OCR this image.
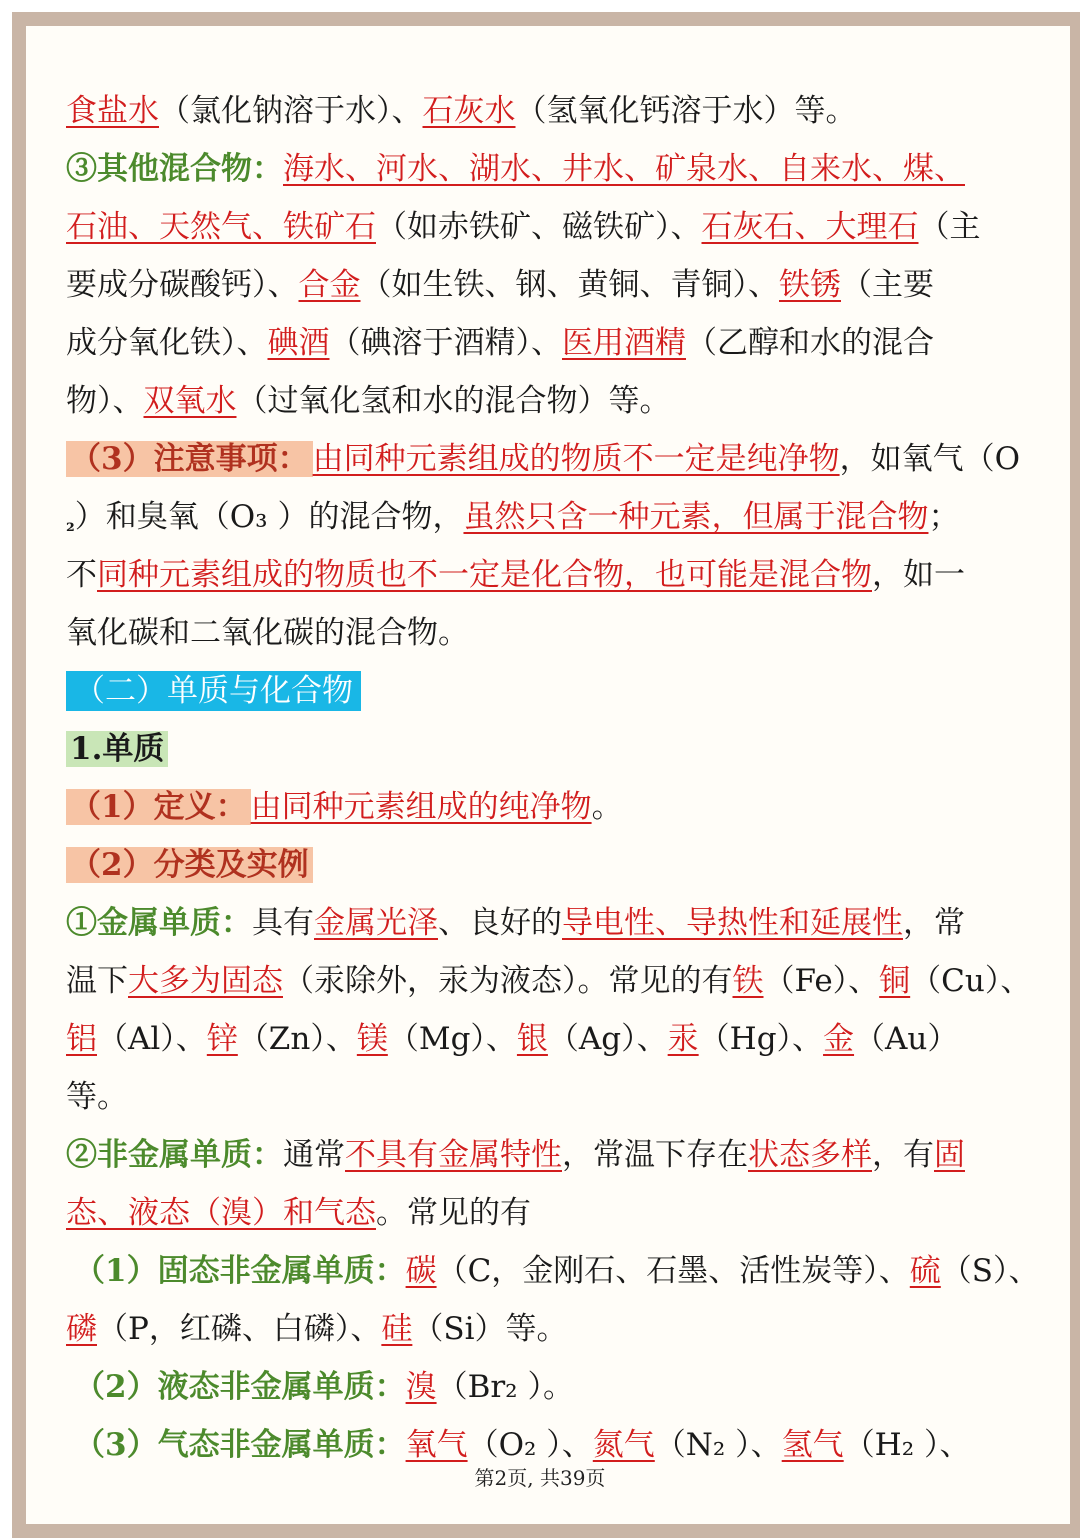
食盐水（氯化钠溶于水）、石灰水（氢氧化钙溶于水）等。
③其他混合物：海水、河水、湖水、井水、矿泉水、自来水、煤、
石油、天然气、铁矿石（如赤铁矿、磁铁矿）、石灰石、大理石（主
要成分碳酸钙）、合金（如生铁、钢、黄铜、青铜）、铁锈（主要
成分氧化铁）、碘酒（碘溶于酒精）、医用酒精（乙醇和水的混合
物）、双氧水（过氧化氢和水的混合物）等。
（3）注意事项： 由同种元素组成的物质不一定是纯净物，如氧气（O
$_{_2}$）和臭氧（O₃ ）的混合物，虽然只含一种元素，但属于混合物；
不同种元素组成的物质也不一定是化合物，也可能是混合物，如一
氧化碳和二氧化碳的混合物。
（二）单质与化合物
1.单质
（1）定义： 由同种元素组成的纯净物。
（2）分类及实例
①金属单质：具有金属光泽、良好的导电性、导热性和延展性，常
温下大多为固态（汞除外，汞为液态）。常见的有铁（Fe）、铜（Cu）、
铝（Al）、锌（Zn）、镁（Mg）、银（Ag）、汞（Hg）、金（Au）
等。
②非金属单质：通常不具有金属特性，常温下存在状态多样，有固
态、液态（溴）和气态。常见的有
（1）固态非金属单质：碳（C，金刚石、石墨、活性炭等）、硫（S）、
磷（P，红磷、白磷）、硅（Si）等。
（2）液态非金属单质：溴（Br₂ ）。
（3）气态非金属单质：氧气（O₂ ）、氮气（N₂ ）、氢气（H₂ ）、
第2页, 共39页
